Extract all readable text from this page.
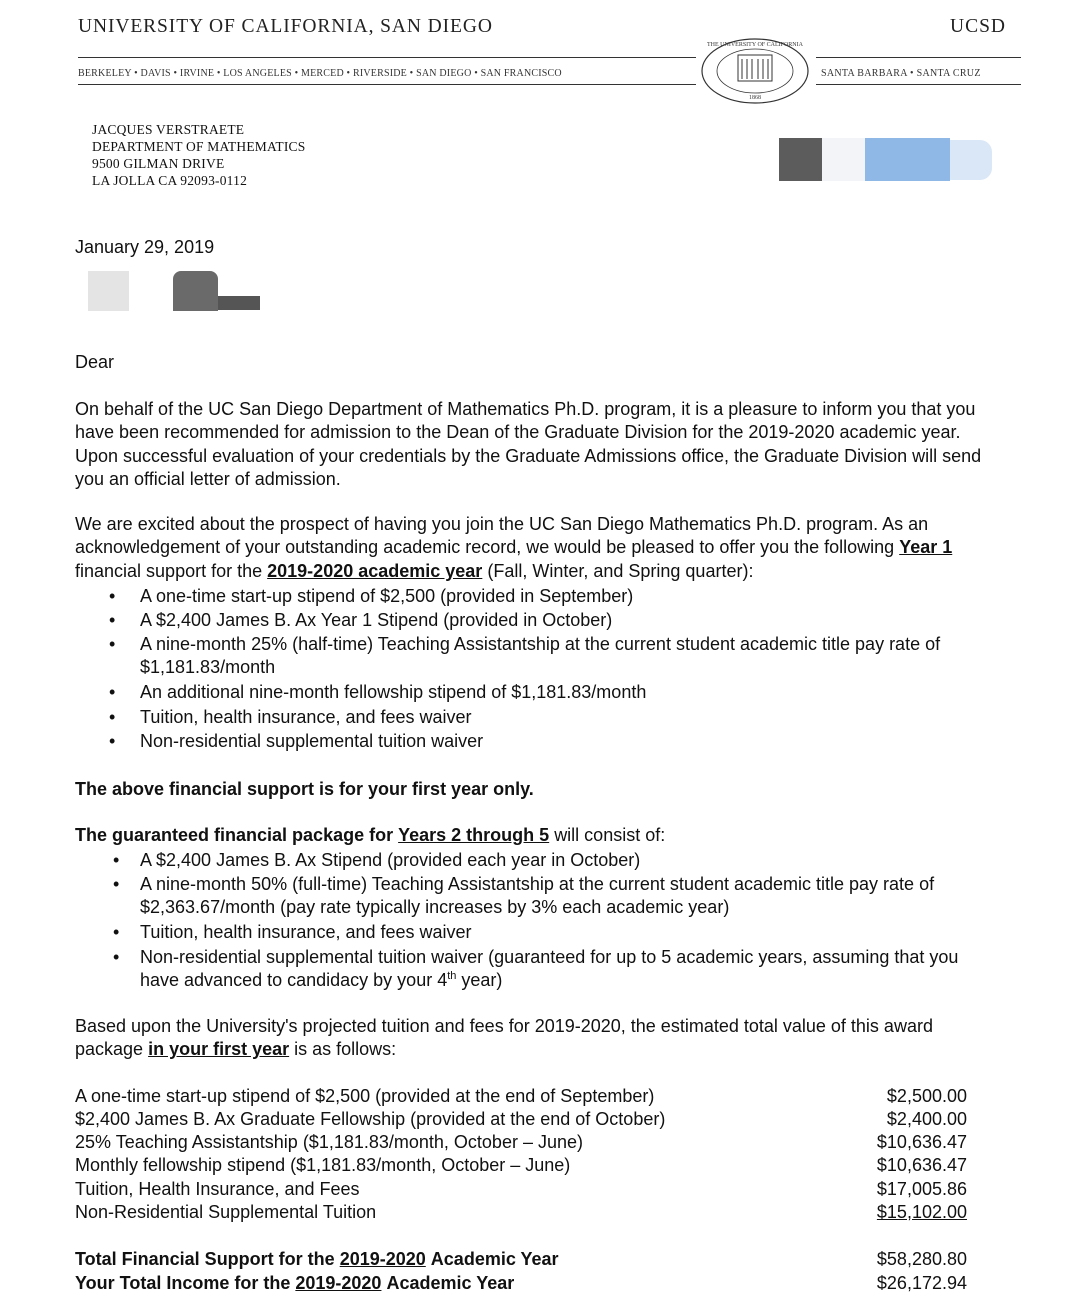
UNIVERSITY OF CALIFORNIA, SAN DIEGO	UCSD
BERKELEY • DAVIS • IRVINE • LOS ANGELES • MERCED • RIVERSIDE • SAN DIEGO • SAN FRANCISCO	SANTA BARBARA • SANTA CRUZ
THE UNIVERSITY OF CALIFORNIA
1868
JACQUES VERSTRAETE
DEPARTMENT OF MATHEMATICS
9500 GILMAN DRIVE
LA JOLLA CA 92093-0112
January 29, 2019
Dear
On behalf of the UC San Diego Department of Mathematics Ph.D. program, it is a pleasure to inform you that you have been recommended for admission to the Dean of the Graduate Division for the 2019-2020 academic year. Upon successful evaluation of your credentials by the Graduate Admissions office, the Graduate Division will send you an official letter of admission.
We are excited about the prospect of having you join the UC San Diego Mathematics Ph.D. program. As an acknowledgement of your outstanding academic record, we would be pleased to offer you the following Year 1 financial support for the 2019-2020 academic year (Fall, Winter, and Spring quarter):
• A one-time start-up stipend of $2,500 (provided in September)
• A $2,400 James B. Ax Year 1 Stipend (provided in October)
• A nine-month 25% (half-time) Teaching Assistantship at the current student academic title pay rate of $1,181.83/month
• An additional nine-month fellowship stipend of $1,181.83/month
• Tuition, health insurance, and fees waiver
• Non-residential supplemental tuition waiver
The above financial support is for your first year only.
The guaranteed financial package for Years 2 through 5 will consist of:
• A $2,400 James B. Ax Stipend (provided each year in October)
• A nine-month 50% (full-time) Teaching Assistantship at the current student academic title pay rate of $2,363.67/month (pay rate typically increases by 3% each academic year)
• Tuition, health insurance, and fees waiver
• Non-residential supplemental tuition waiver (guaranteed for up to 5 academic years, assuming that you have advanced to candidacy by your 4th year)
Based upon the University's projected tuition and fees for 2019-2020, the estimated total value of this award package in your first year is as follows:
A one-time start-up stipend of $2,500 (provided at the end of September)	$2,500.00
$2,400 James B. Ax Graduate Fellowship (provided at the end of October)	$2,400.00
25% Teaching Assistantship ($1,181.83/month, October – June)	$10,636.47
Monthly fellowship stipend ($1,181.83/month, October – June)	$10,636.47
Tuition, Health Insurance, and Fees	$17,005.86
Non-Residential Supplemental Tuition	$15,102.00
Total Financial Support for the 2019-2020 Academic Year	$58,280.80
Your Total Income for the 2019-2020 Academic Year	$26,172.94
